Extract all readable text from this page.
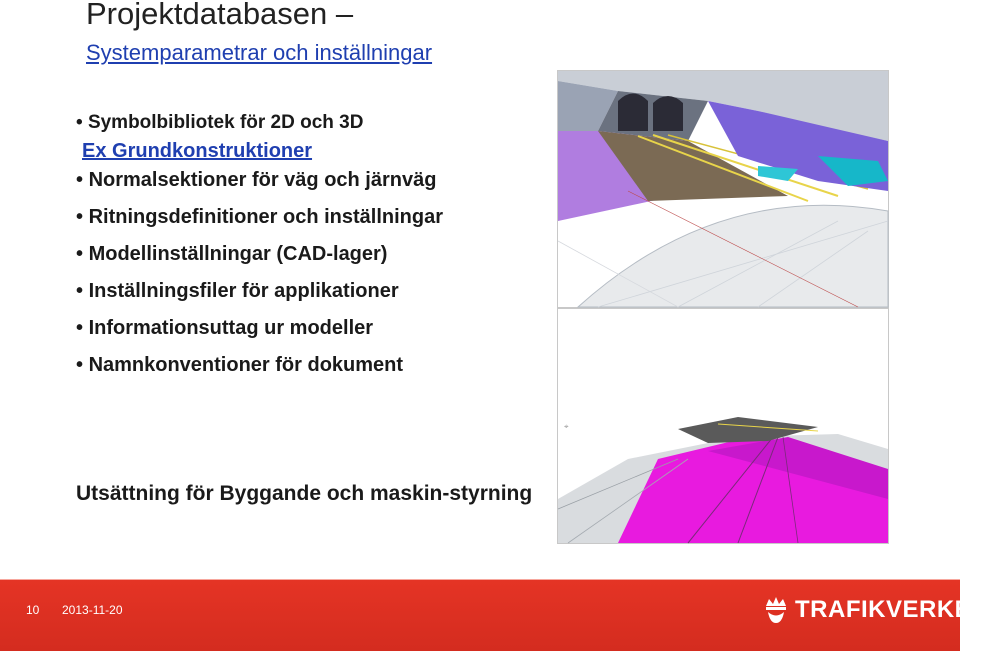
Projektdatabasen –
Systemparametrar och inställningar
• Symbolbibliotek för 2D och 3D
Ex Grundkonstruktioner
• Normalsektioner för väg och järnväg
• Ritningsdefinitioner och inställningar
• Modellinställningar (CAD-lager)
• Inställningsfiler för applikationer
• Informationsuttag ur modeller
• Namnkonventioner för dokument
Utsättning för Byggande och maskin-styrning
⌖
10 2013-11-20	TRAFIKVERKET
